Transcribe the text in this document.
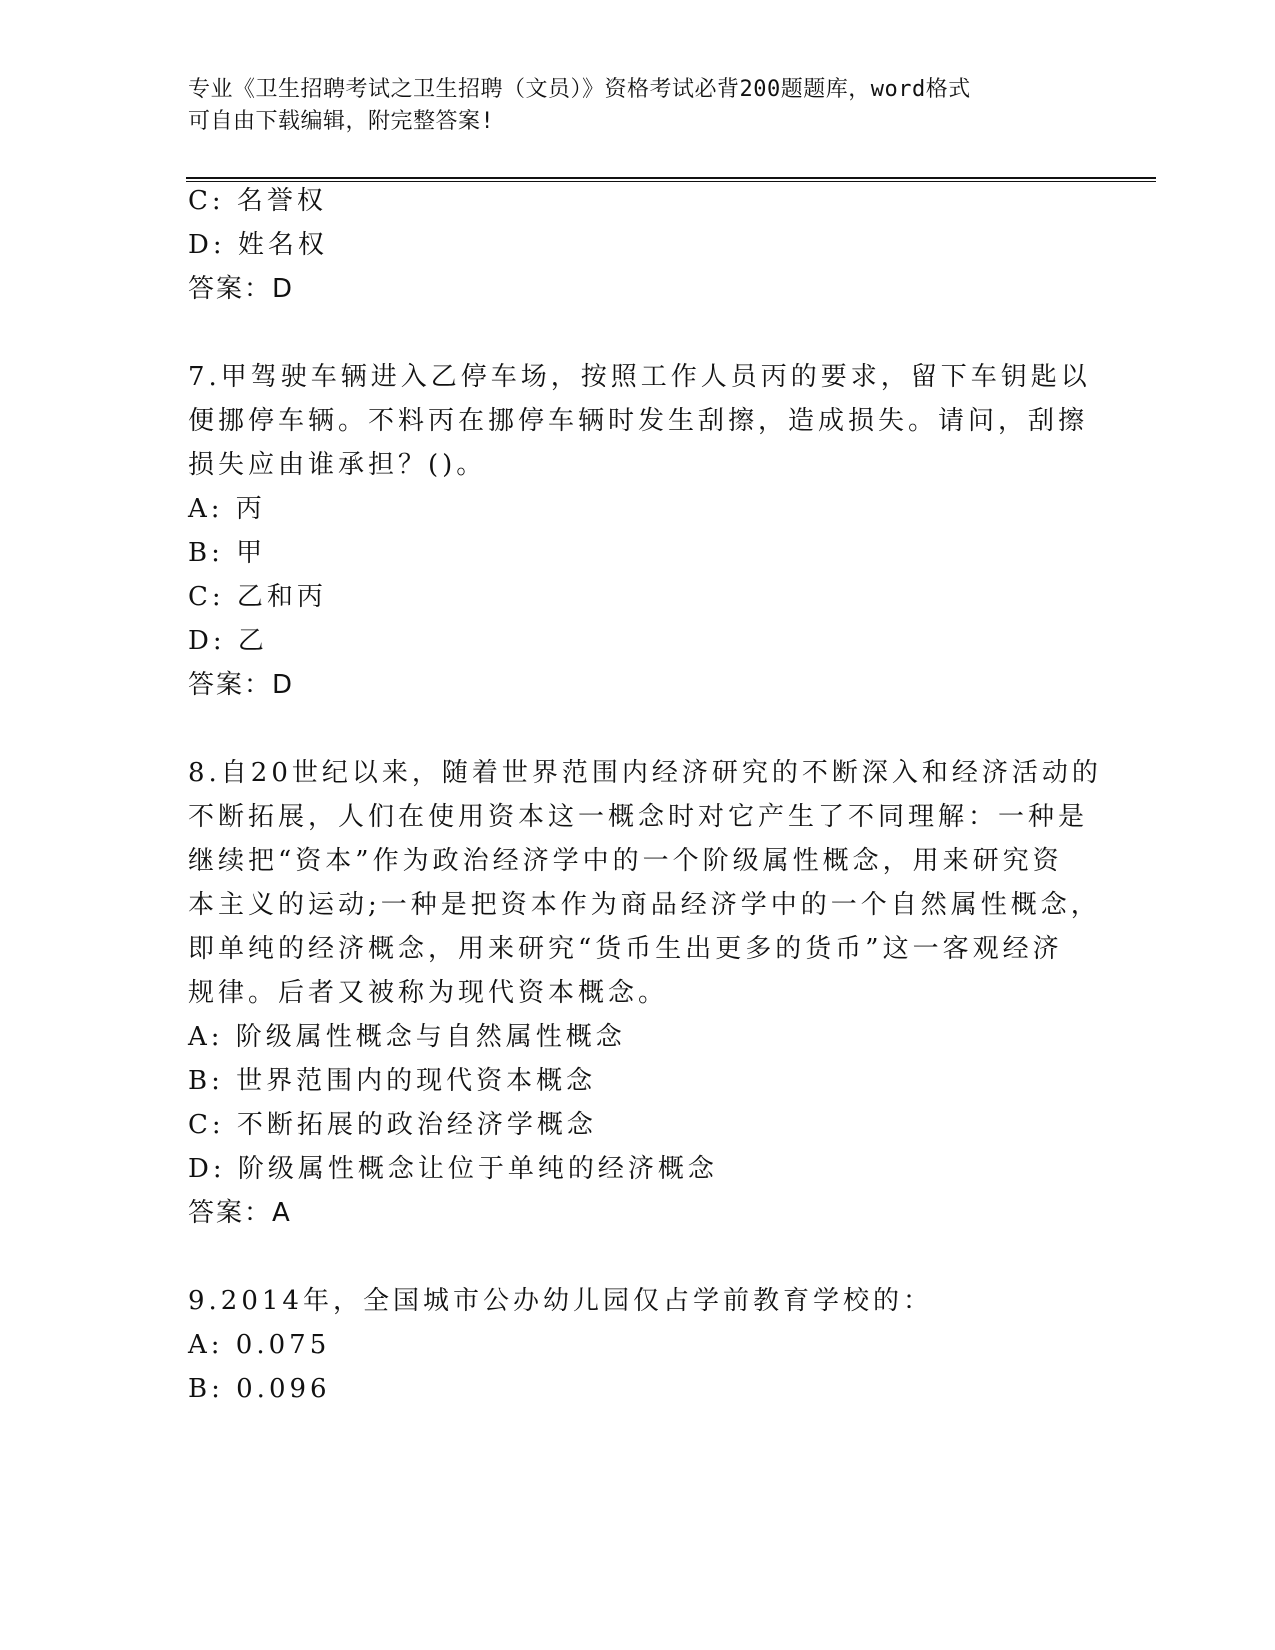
专业《卫生招聘考试之卫生招聘（文员）》资格考试必背200题题库，word格式
可自由下载编辑，附完整答案!
C: 名誉权
D: 姓名权
答案：D
7.甲驾驶车辆进入乙停车场，按照工作人员丙的要求，留下车钥匙以
便挪停车辆。不料丙在挪停车辆时发生刮擦，造成损失。请问，刮擦
损失应由谁承担？()。
A: 丙
B: 甲
C: 乙和丙
D: 乙
答案：D
8.自20世纪以来，随着世界范围内经济研究的不断深入和经济活动的
不断拓展，人们在使用资本这一概念时对它产生了不同理解：一种是
继续把“资本”作为政治经济学中的一个阶级属性概念，用来研究资
本主义的运动;一种是把资本作为商品经济学中的一个自然属性概念，
即单纯的经济概念，用来研究“货币生出更多的货币”这一客观经济
规律。后者又被称为现代资本概念。
A: 阶级属性概念与自然属性概念
B: 世界范围内的现代资本概念
C: 不断拓展的政治经济学概念
D: 阶级属性概念让位于单纯的经济概念
答案：A
9.2014年，全国城市公办幼儿园仅占学前教育学校的：
A: 0.075
B: 0.096
